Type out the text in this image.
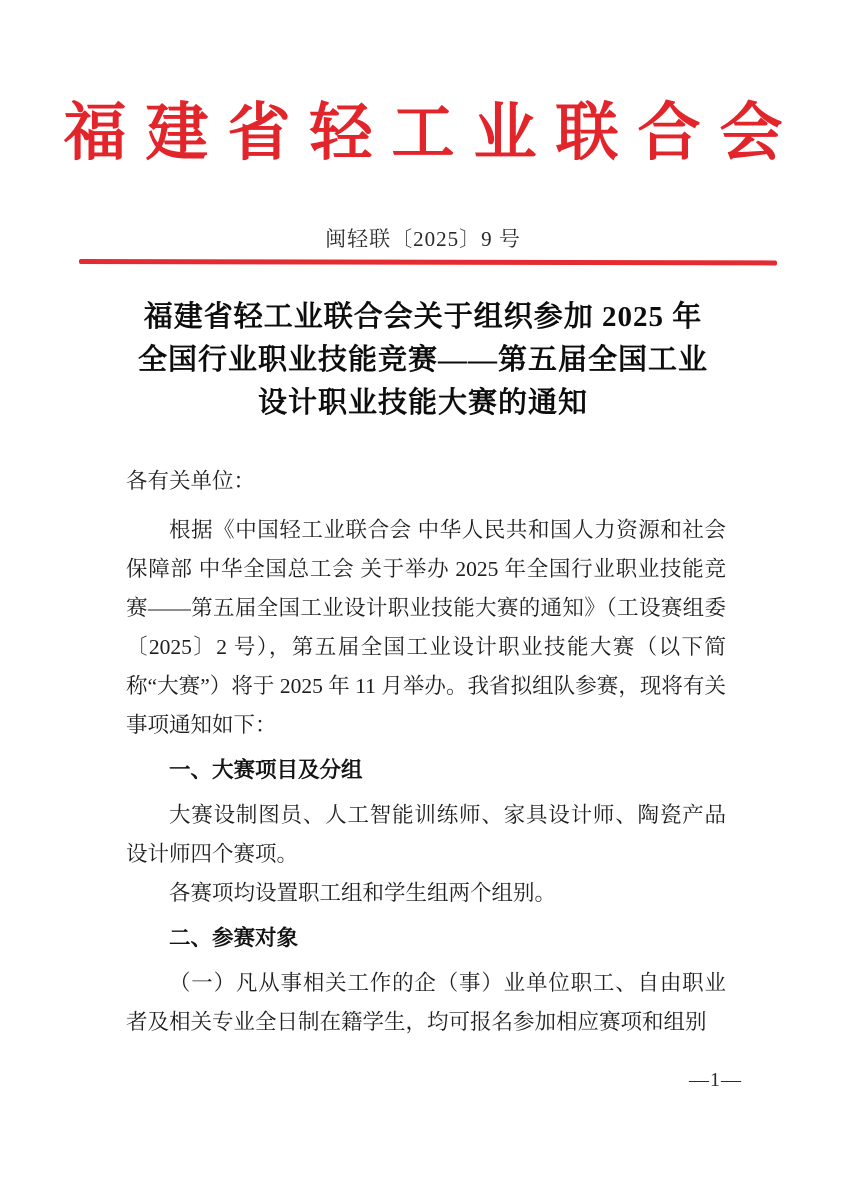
福建省轻工业联合会
闽轻联〔2025〕9 号
福建省轻工业联合会关于组织参加 2025 年
全国行业职业技能竞赛——第五届全国工业
设计职业技能大赛的通知

各有关单位：

根据《中国轻工业联合会 中华人民共和国人力资源和社会保障部 中华全国总工会 关于举办 2025 年全国行业职业技能竞赛——第五届全国工业设计职业技能大赛的通知》（工设赛组委〔2025〕2 号），第五届全国工业设计职业技能大赛（以下简称“大赛”）将于 2025 年 11 月举办。我省拟组队参赛，现将有关事项通知如下：

一、大赛项目及分组

大赛设制图员、人工智能训练师、家具设计师、陶瓷产品设计师四个赛项。

各赛项均设置职工组和学生组两个组别。

二、参赛对象

（一）凡从事相关工作的企（事）业单位职工、自由职业者及相关专业全日制在籍学生，均可报名参加相应赛项和组别

—1—
